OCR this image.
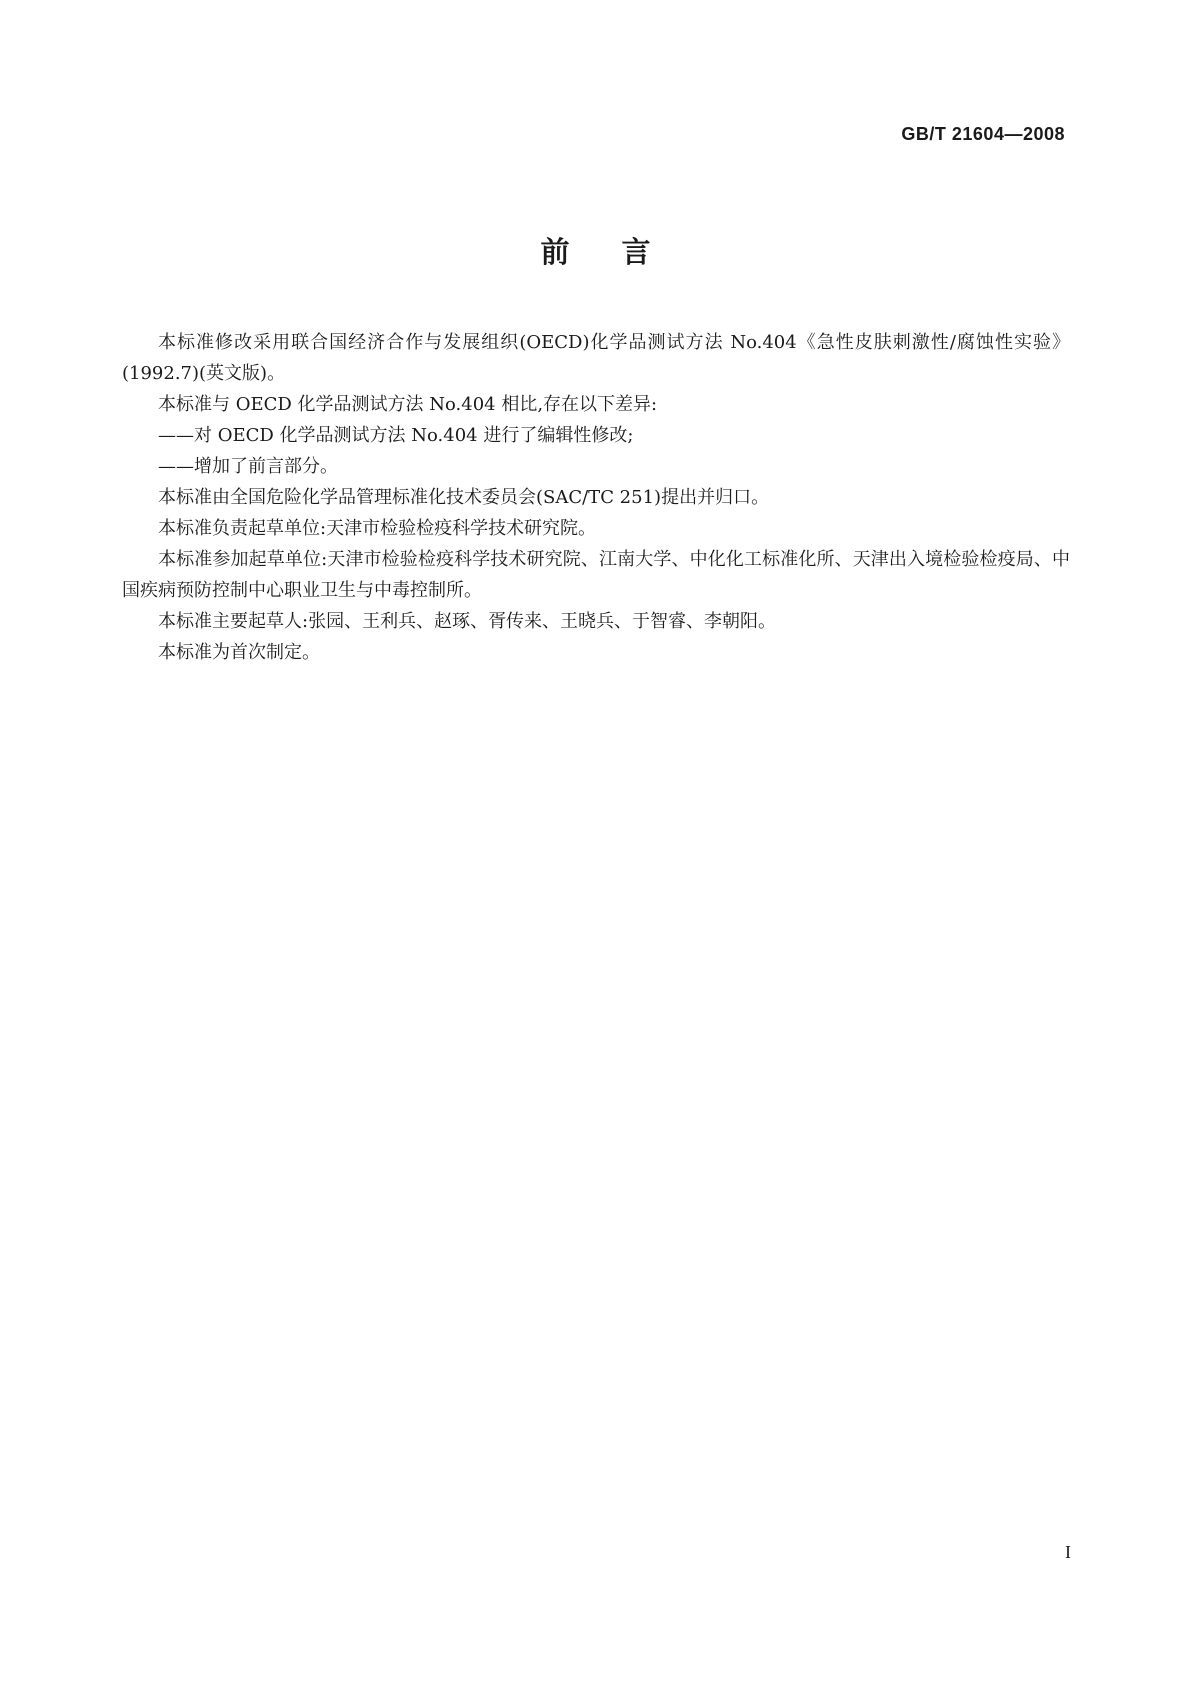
GB/T 21604—2008
前言

本标准修改采用联合国经济合作与发展组织(OECD)化学品测试方法 No.404《急性皮肤刺激性/腐蚀性实验》(1992.7)(英文版)。

本标准与 OECD 化学品测试方法 No.404 相比,存在以下差异:

——对 OECD 化学品测试方法 No.404 进行了编辑性修改;

——增加了前言部分。

本标准由全国危险化学品管理标准化技术委员会(SAC/TC 251)提出并归口。

本标准负责起草单位:天津市检验检疫科学技术研究院。

本标准参加起草单位:天津市检验检疫科学技术研究院、江南大学、中化化工标准化所、天津出入境检验检疫局、中国疾病预防控制中心职业卫生与中毒控制所。

本标准主要起草人:张园、王利兵、赵琢、胥传来、王晓兵、于智睿、李朝阳。

本标准为首次制定。

I
